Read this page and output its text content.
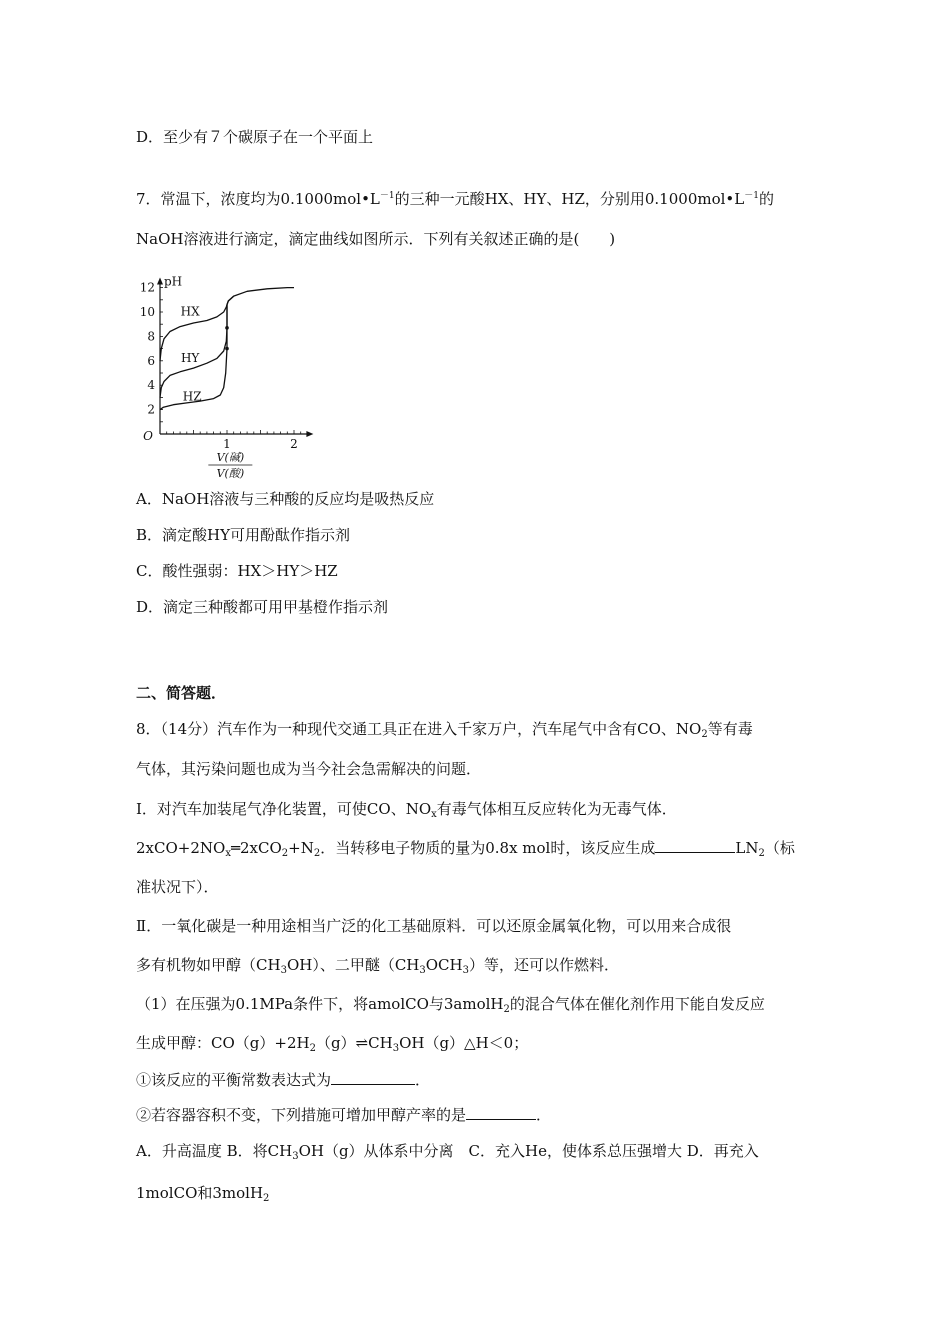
D．至少有７个碳原子在一个平面上
7．常温下，浓度均为$0.1000mol•L^{-1}$的三种一元酸HX、HY、HZ，分别用$0.1000mol•L^{-1}$的
NaOH溶液进行滴定，滴定曲线如图所示．下列有关叙述正确的是(　　)
2
4
6
8
10
12
1	2
O
pH
V(碱)
V(酸)
HX
HY
HZ
A．NaOH溶液与三种酸的反应均是吸热反应
B．滴定酸HY可用酚酞作指示剂
C．酸性强弱：HX＞HY＞HZ
D．滴定三种酸都可用甲基橙作指示剂
二、简答题．
8．（14分）汽车作为一种现代交通工具正在进入千家万户，汽车尾气中含有CO、$NO_2$等有毒
气体，其污染问题也成为当今社会急需解决的问题．
Ⅰ．对汽车加装尾气净化装置，可使CO、$NO_x$有毒气体相互反应转化为无毒气体．
$2xCO+2NO_x═2xCO_2+N_2$．当转移电子物质的量为0.8x mol时，该反应生成	$LN_2$（标
准状况下）．
Ⅱ．一氧化碳是一种用途相当广泛的化工基础原料．可以还原金属氧化物，可以用来合成很
多有机物如甲醇$(CH_3OH)$、二甲醚$(CH_3OCH_3)$等，还可以作燃料．
（1）在压强为0.1MPa条件下，将amolCO与3amolH$_2$的混合气体在催化剂作用下能自发反应
生成甲醇：$CO(g)+2H_2(g)\rightleftharpoons CH_3OH(g)\triangle H<0$；
①该反应的平衡常数表达式为	．
②若容器容积不变，下列措施可增加甲醇产率的是	．
A．升高温度 B．将$CH_3OH(g)$从体系中分离　C．充入He，使体系总压强增大 D．再充入
1molCO和3molH$_2$
